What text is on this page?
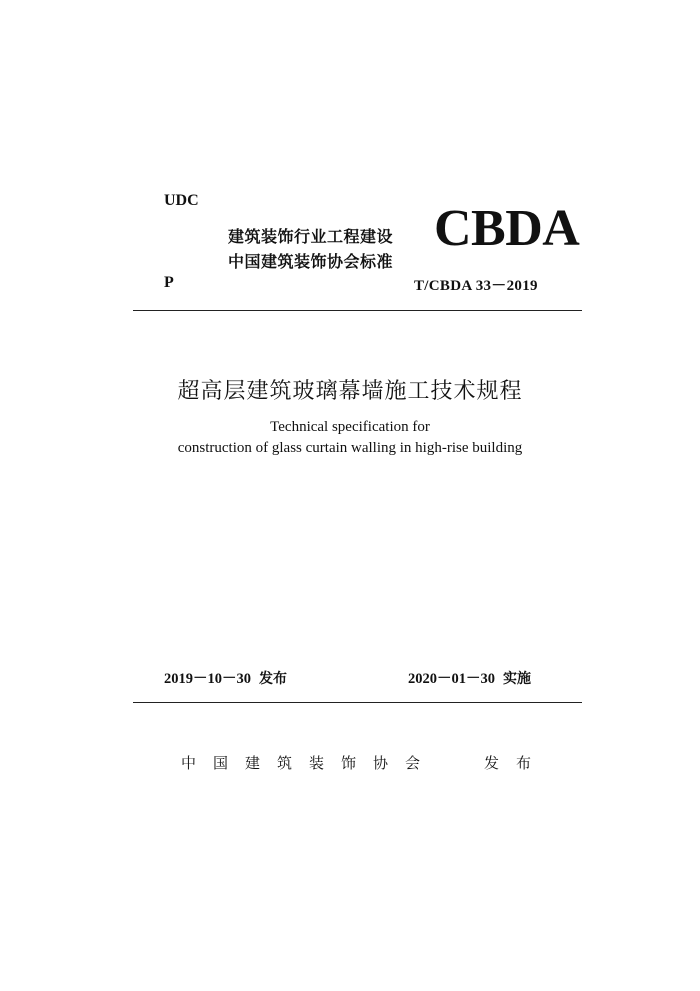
UDC
建筑装饰行业工程建设
中国建筑装饰协会标准
CBDA
P	T/CBDA 33－2019
超高层建筑玻璃幕墙施工技术规程
Technical specification for
construction of glass curtain walling in high-rise building
2019－10－30 发布	2020－01－30 实施
中国建筑装饰协会	发布
